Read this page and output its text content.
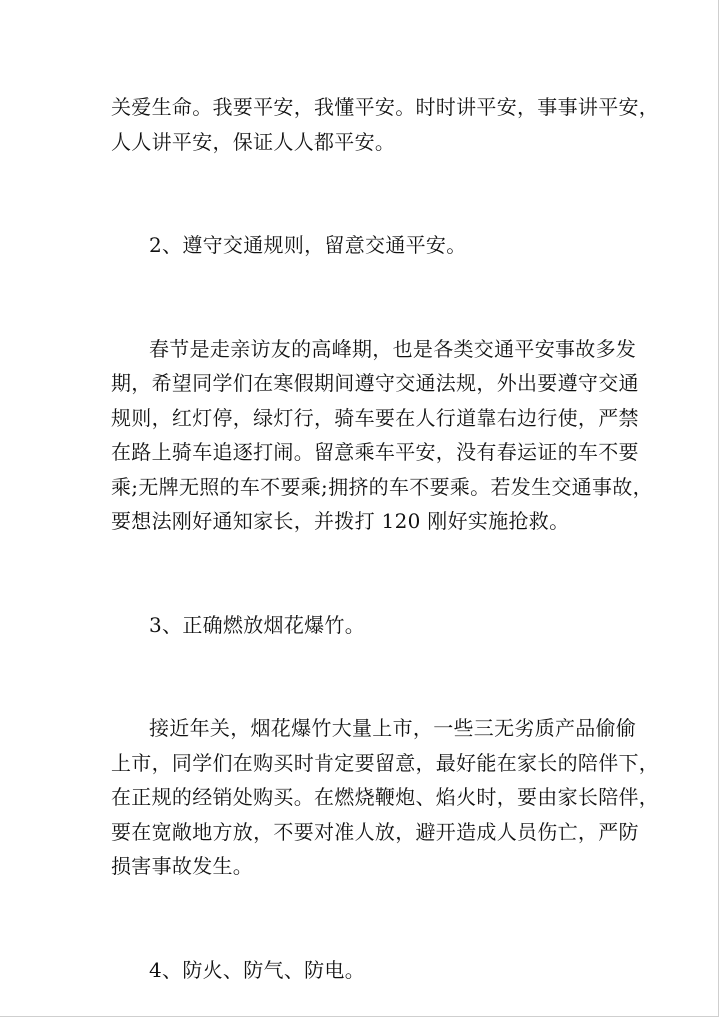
关爱生命。我要平安，我懂平安。时时讲平安，事事讲平安，
人人讲平安，保证人人都平安。

2、遵守交通规则，留意交通平安。

春节是走亲访友的高峰期，也是各类交通平安事故多发
期，希望同学们在寒假期间遵守交通法规，外出要遵守交通
规则，红灯停，绿灯行，骑车要在人行道靠右边行使，严禁
在路上骑车追逐打闹。留意乘车平安，没有春运证的车不要
乘;无牌无照的车不要乘;拥挤的车不要乘。若发生交通事故，
要想法刚好通知家长，并拨打 120 刚好实施抢救。

3、正确燃放烟花爆竹。

接近年关，烟花爆竹大量上市，一些三无劣质产品偷偷
上市，同学们在购买时肯定要留意，最好能在家长的陪伴下，
在正规的经销处购买。在燃烧鞭炮、焰火时，要由家长陪伴，
要在宽敞地方放，不要对准人放，避开造成人员伤亡，严防
损害事故发生。

4、防火、防气、防电。
